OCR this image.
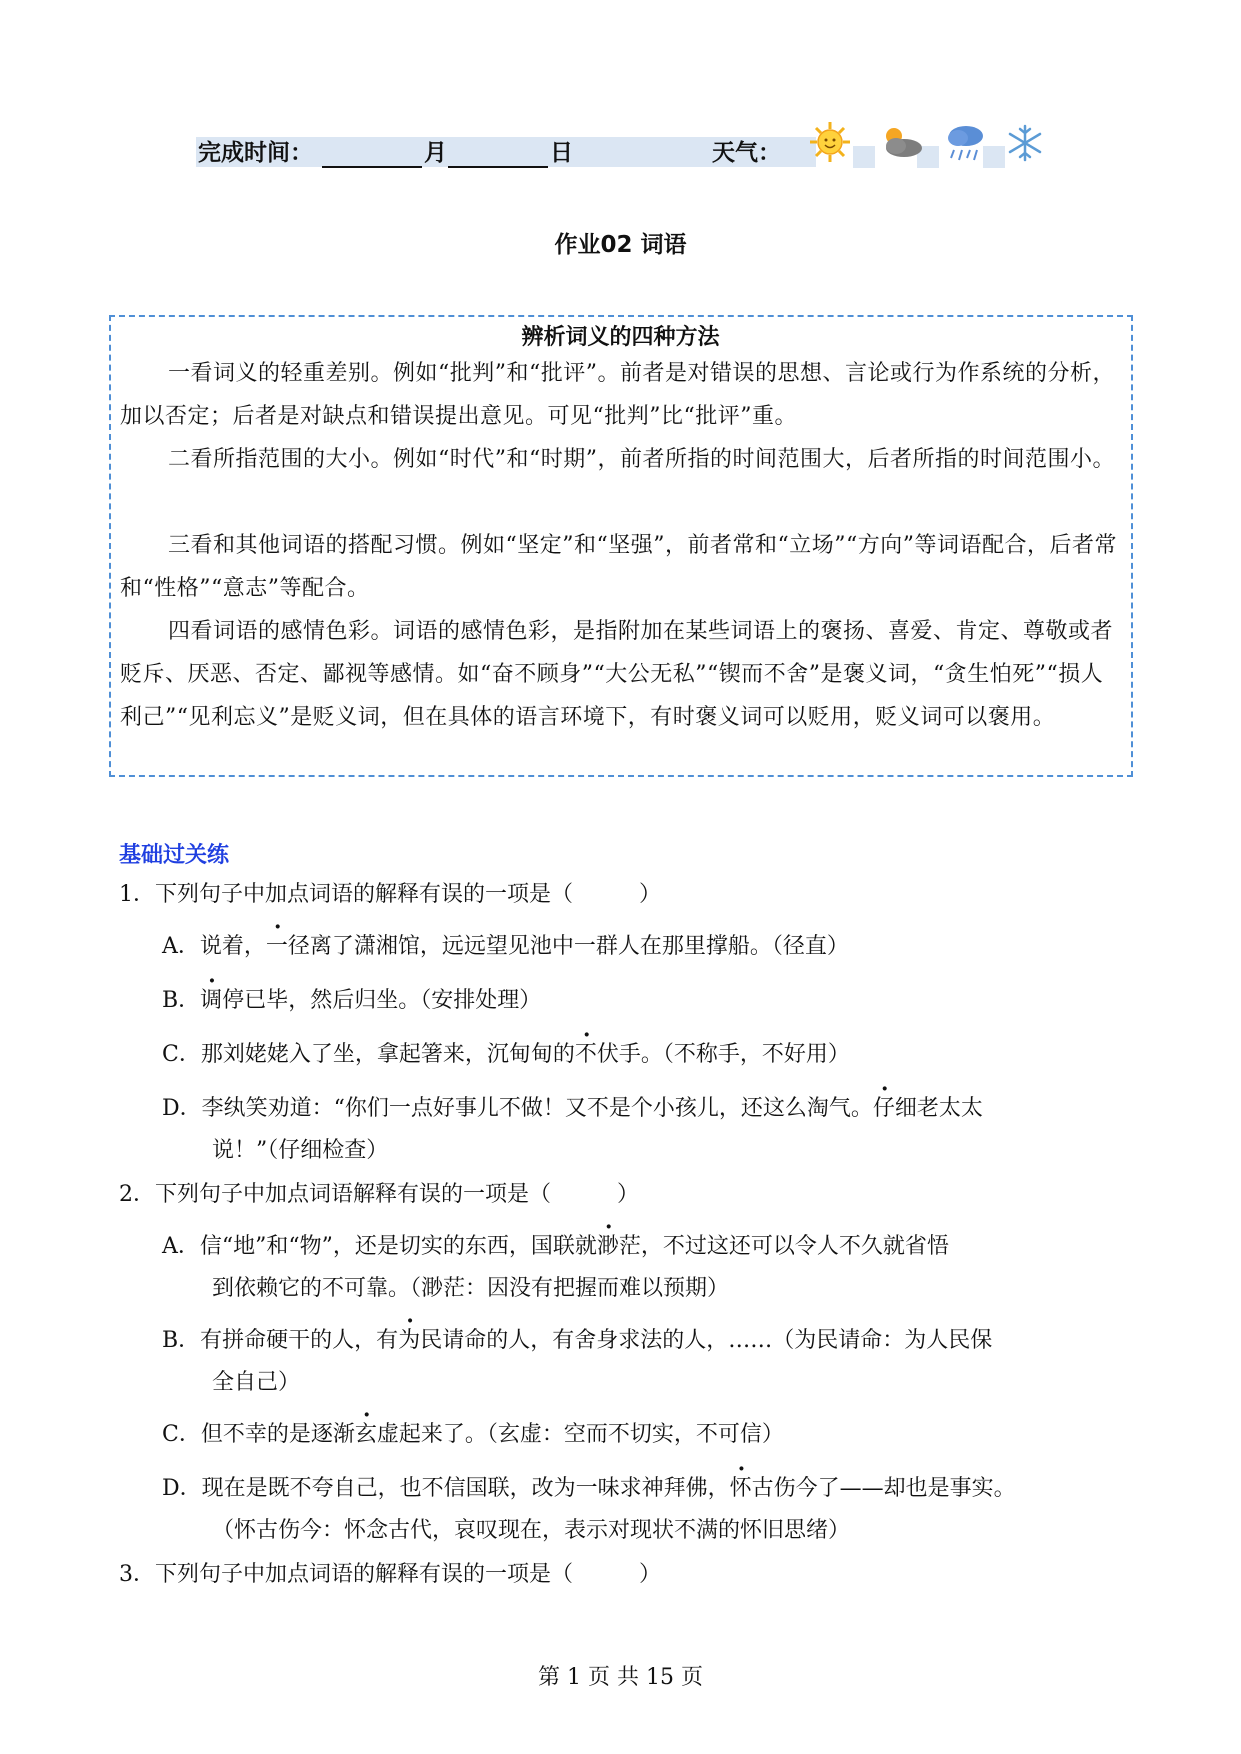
完成时间：	月	日	天气：
作业02 词语
辨析词义的四种方法
一看词义的轻重差别。例如“批判”和“批评”。前者是对错误的思想、言论或行为作系统的分析，加以否定；后者是对缺点和错误提出意见。可见“批判”比“批评”重。
二看所指范围的大小。例如“时代”和“时期”，前者所指的时间范围大，后者所指的时间范围小。
三看和其他词语的搭配习惯。例如“坚定”和“坚强”，前者常和“立场”“方向”等词语配合，后者常和“性格”“意志”等配合。
四看词语的感情色彩。词语的感情色彩，是指附加在某些词语上的褒扬、喜爱、肯定、尊敬或者贬斥、厌恶、否定、鄙视等感情。如“奋不顾身”“大公无私”“锲而不舍”是褒义词，“贪生怕死”“损人利己”“见利忘义”是贬义词，但在具体的语言环境下，有时褒义词可以贬用，贬义词可以褒用。
基础过关练
1．下列句子中加点词语的解释有误的一项是（　　　）
A．说着，一径离了潇湘馆，远远望见池中一群人在那里撑船。（径直）
B．调停已毕，然后归坐。（安排处理）
C．那刘姥姥入了坐，拿起箸来，沉甸甸的不伏手。（不称手，不好用）
D．李纨笑劝道：“你们一点好事儿不做！又不是个小孩儿，还这么淘气。仔细老太太
说！”（仔细检查）
2．下列句子中加点词语解释有误的一项是（　　　）
A．信“地”和“物”，还是切实的东西，国联就渺茫，不过这还可以令人不久就省悟
到依赖它的不可靠。（渺茫：因没有把握而难以预期）
B．有拼命硬干的人，有为民请命的人，有舍身求法的人，……（为民请命：为人民保
全自己）
C．但不幸的是逐渐玄虚起来了。（玄虚：空而不切实，不可信）
D．现在是既不夸自己，也不信国联，改为一味求神拜佛，怀古伤今了——却也是事实。
（怀古伤今：怀念古代，哀叹现在，表示对现状不满的怀旧思绪）
3．下列句子中加点词语的解释有误的一项是（　　　）
第 1 页 共 15 页
